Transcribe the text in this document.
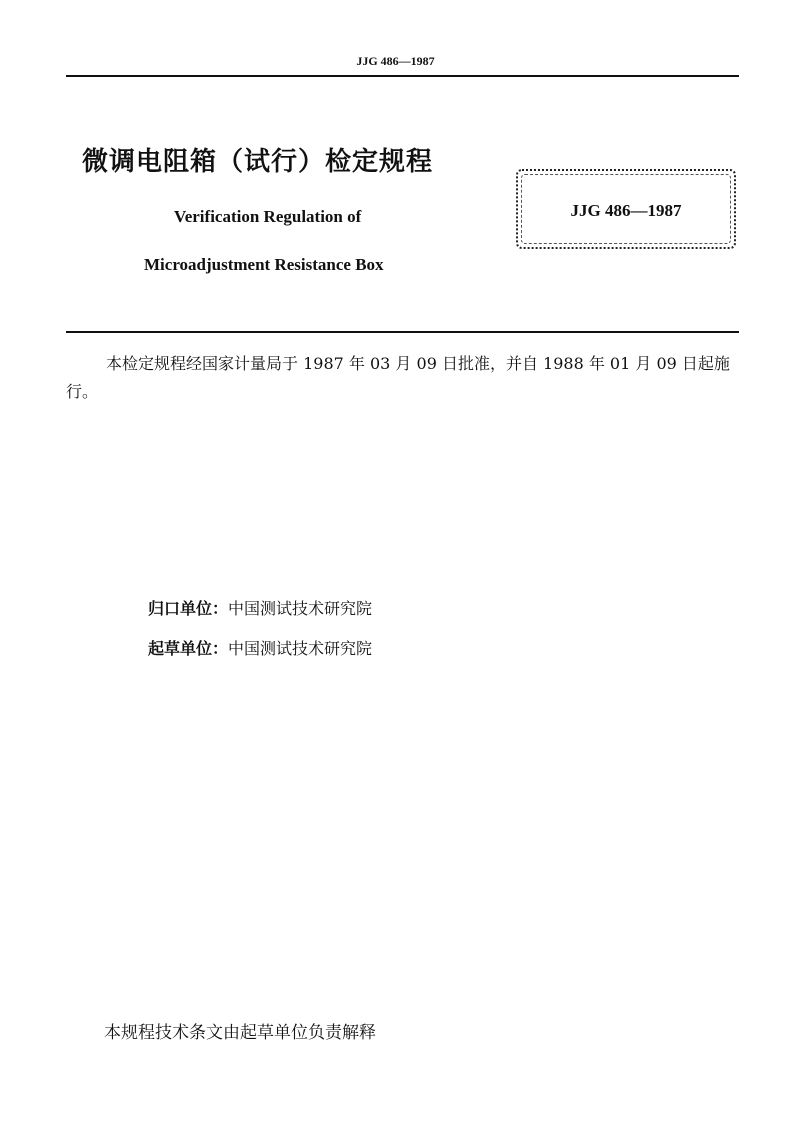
JJG 486—1987
微调电阻箱（试行）检定规程
Verification Regulation of
Microadjustment Resistance Box
JJG 486—1987
本检定规程经国家计量局于 1987 年 03 月 09 日批准，并自 1988 年 01 月 09 日起施行。
归口单位：中国测试技术研究院
起草单位：中国测试技术研究院
本规程技术条文由起草单位负责解释
